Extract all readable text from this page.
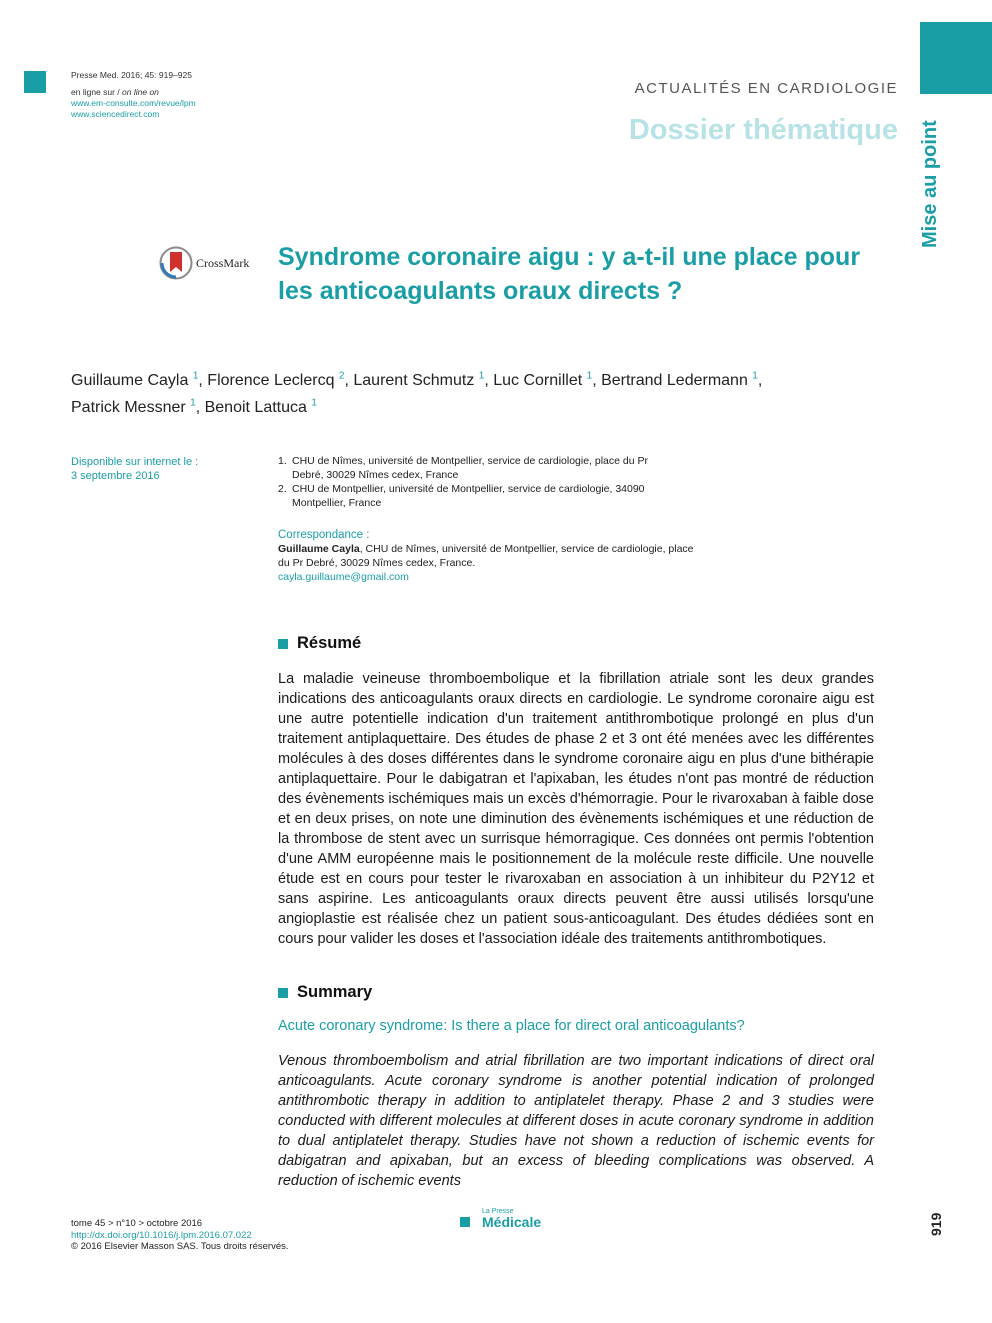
Presse Med. 2016; 45: 919–925
en ligne sur / on line on
www.em-consulte.com/revue/lpm
www.sciencedirect.com
ACTUALITÉS EN CARDIOLOGIE
Dossier thématique Mise au point
CrossMark Syndrome coronaire aigu : y a-t-il une place pour les anticoagulants oraux directs ?
Guillaume Cayla $^1$, Florence Leclercq $^2$, Laurent Schmutz $^1$, Luc Cornillet $^1$, Bertrand Ledermann $^1$,
Patrick Messner $^1$, Benoit Lattuca $^1$
Disponible sur internet le :
3 septembre 2016
1. CHU de Nîmes, université de Montpellier, service de cardiologie, place du Pr Debré, 30029 Nîmes cedex, France
2. CHU de Montpellier, université de Montpellier, service de cardiologie, 34090 Montpellier, France
Correspondance :
Guillaume Cayla, CHU de Nîmes, université de Montpellier, service de cardiologie, place du Pr Debré, 30029 Nîmes cedex, France.
cayla.guillaume@gmail.com
Résumé

La maladie veineuse thromboembolique et la fibrillation atriale sont les deux grandes indications des anticoagulants oraux directs en cardiologie. Le syndrome coronaire aigu est une autre potentielle indication d'un traitement antithrombotique prolongé en plus d'un traitement antiplaquettaire. Des études de phase 2 et 3 ont été menées avec les différentes molécules à des doses différentes dans le syndrome coronaire aigu en plus d'une bithérapie antiplaquettaire. Pour le dabigatran et l'apixaban, les études n'ont pas montré de réduction des évènements ischémiques mais un excès d'hémorragie. Pour le rivaroxaban à faible dose et en deux prises, on note une diminution des évènements ischémiques et une réduction de la thrombose de stent avec un surrisque hémorragique. Ces données ont permis l'obtention d'une AMM européenne mais le positionnement de la molécule reste difficile. Une nouvelle étude est en cours pour tester le rivaroxaban en association à un inhibiteur du P2Y12 et sans aspirine. Les anticoagulants oraux directs peuvent être aussi utilisés lorsqu'une angioplastie est réalisée chez un patient sous-anticoagulant. Des études dédiées sont en cours pour valider les doses et l'association idéale des traitements antithrombotiques.

Summary
Acute coronary syndrome: Is there a place for direct oral anticoagulants?

Venous thromboembolism and atrial fibrillation are two important indications of direct oral anticoagulants. Acute coronary syndrome is another potential indication of prolonged antithrombotic therapy in addition to antiplatelet therapy. Phase 2 and 3 studies were conducted with different molecules at different doses in acute coronary syndrome in addition to dual antiplatelet therapy. Studies have not shown a reduction of ischemic events for dabigatran and apixaban, but an excess of bleeding complications was observed. A reduction of ischemic events

tome 45 > n°10 > octobre 2016
http://dx.doi.org/10.1016/j.lpm.2016.07.022
© 2016 Elsevier Masson SAS. Tous droits réservés.
La Presse
Médicale	919
